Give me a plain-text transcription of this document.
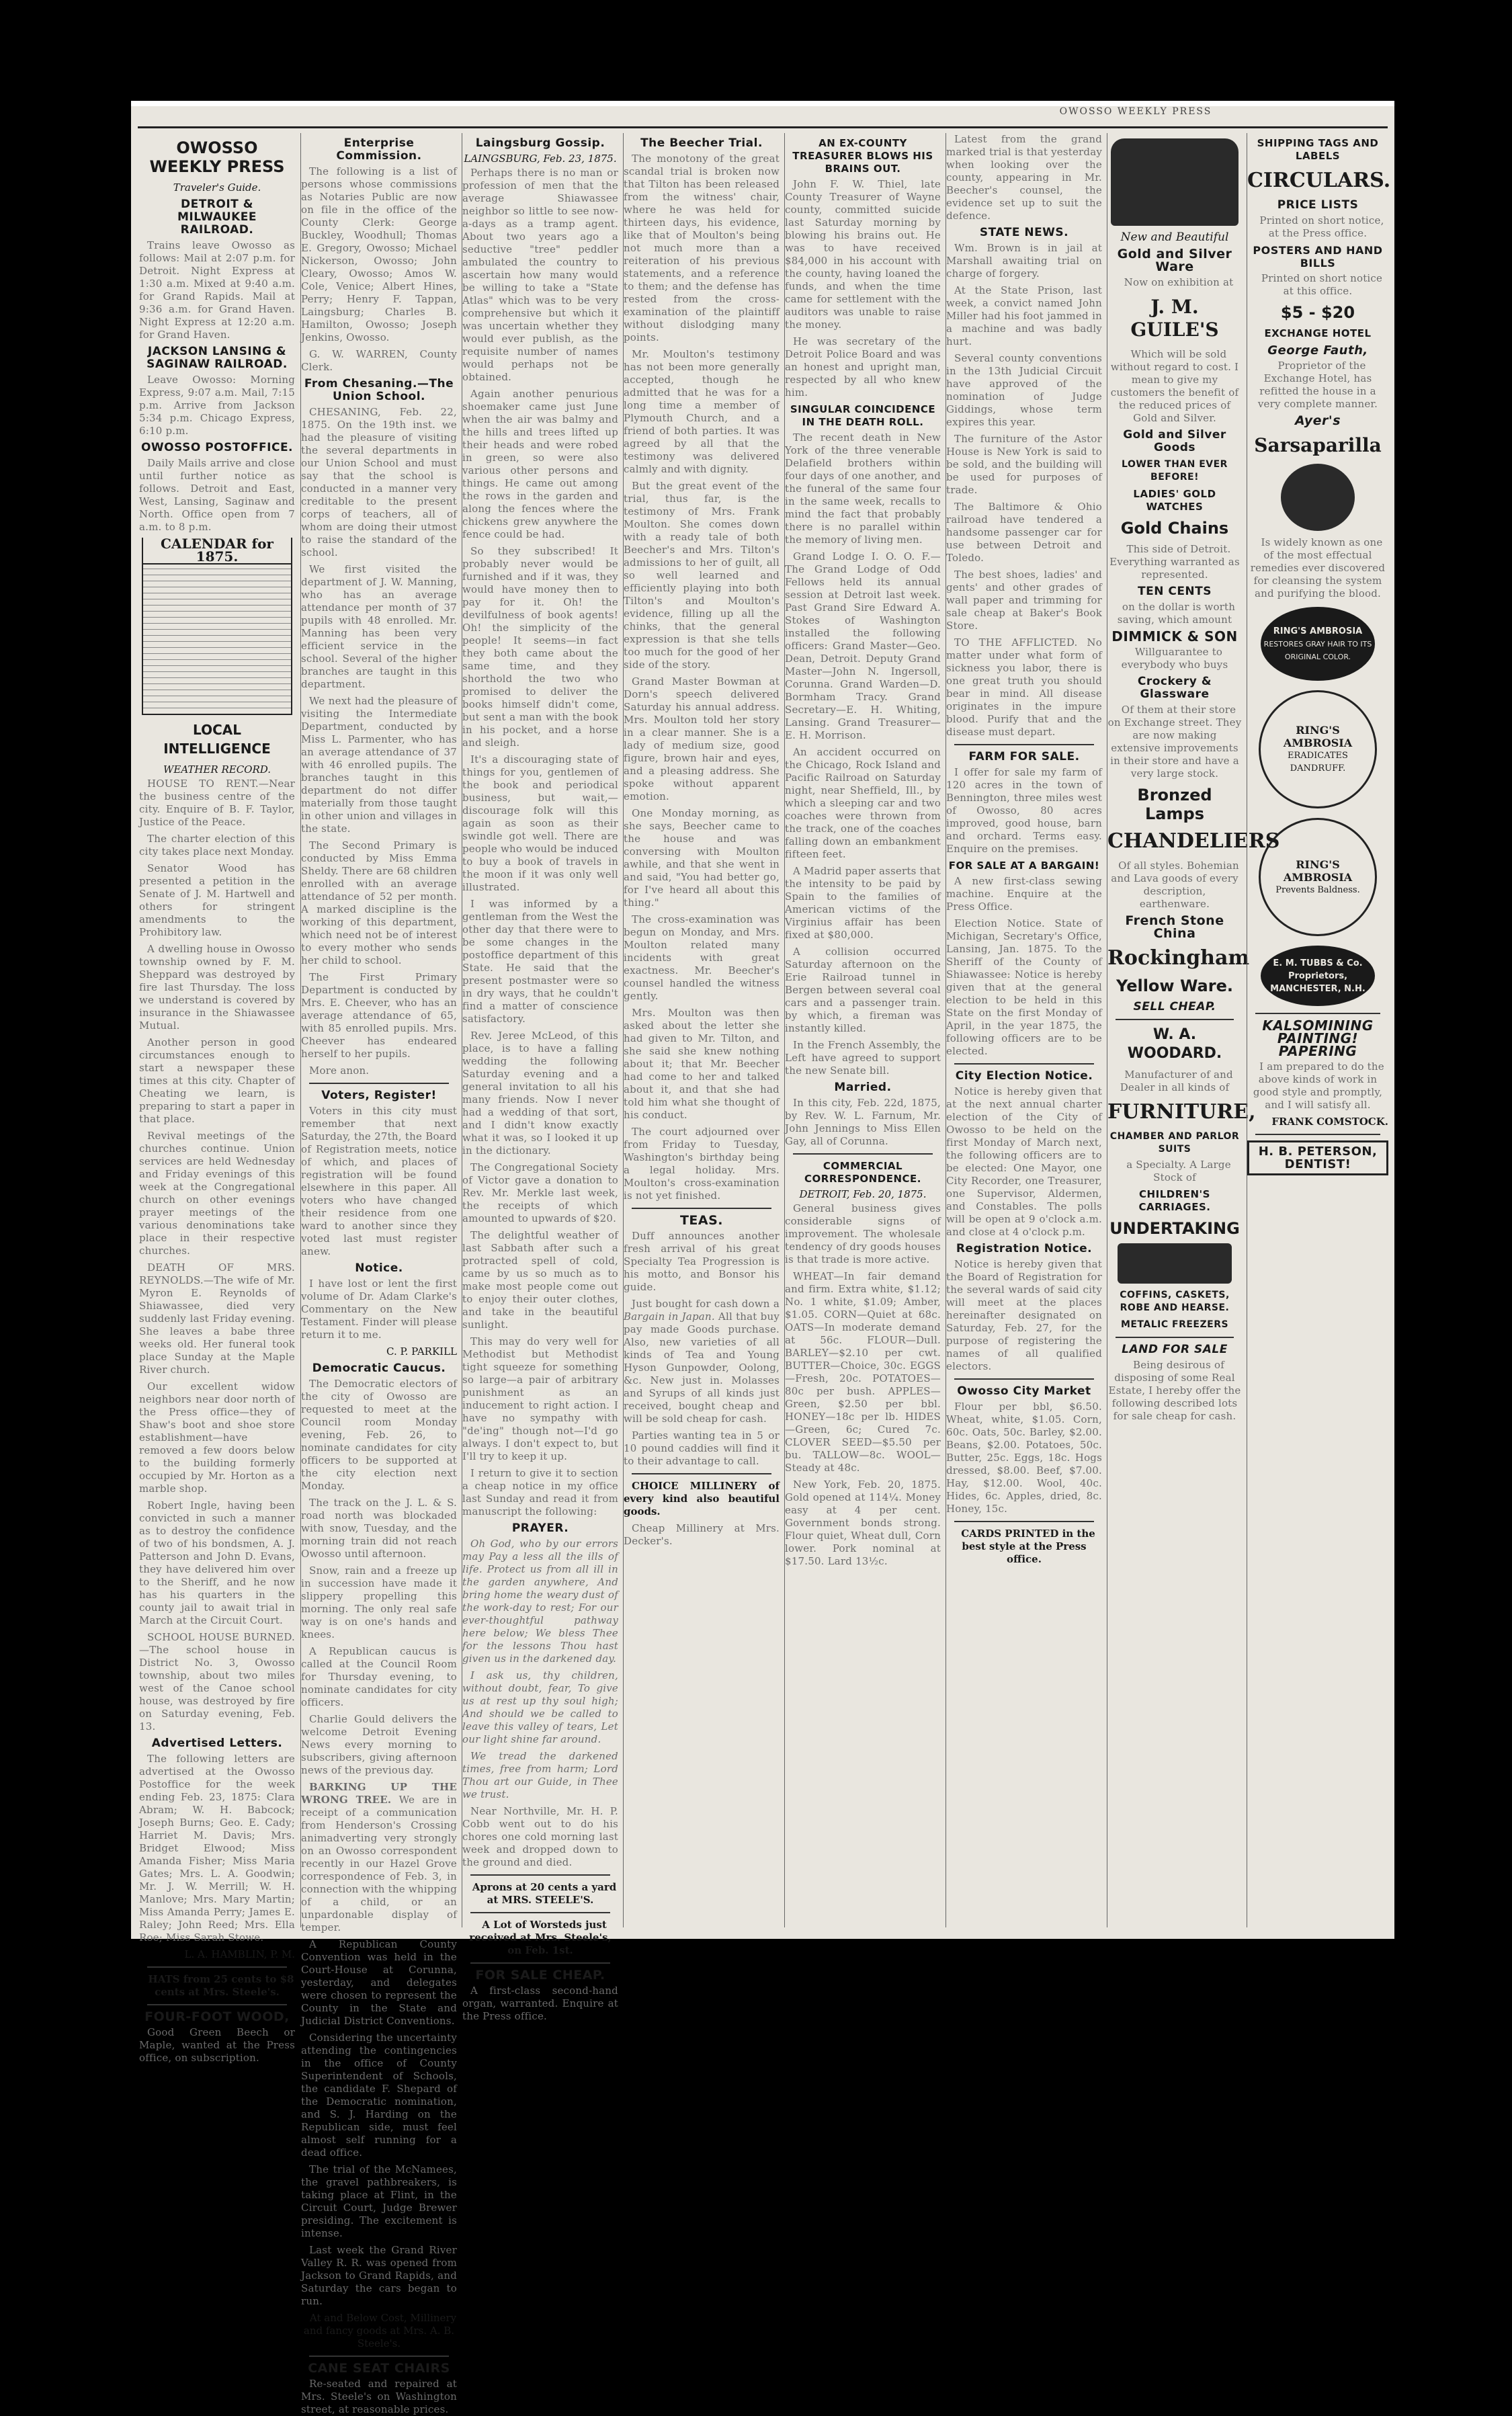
OWOSSO WEEKLY PRESS
OWOSSO WEEKLY PRESS
Traveler's Guide.
DETROIT & MILWAUKEE RAILROAD.
Trains leave Owosso as follows: Mail at 2:07 p.m. for Detroit. Night Express at 1:30 a.m. Mixed at 9:40 a.m. for Grand Rapids. Mail at 9:36 a.m. for Grand Haven. Night Express at 12:20 a.m. for Grand Haven.
JACKSON LANSING & SAGINAW RAILROAD.
Leave Owosso: Morning Express, 9:07 a.m. Mail, 7:15 p.m. Arrive from Jackson 5:34 p.m. Chicago Express, 6:10 p.m.
OWOSSO POSTOFFICE.
Daily Mails arrive and close until further notice as follows. Detroit and East, West, Lansing, Saginaw and North. Office open from 7 a.m. to 8 p.m.
CALENDAR for 1875.
LOCAL INTELLIGENCE
WEATHER RECORD.
HOUSE TO RENT.—Near the business centre of the city. Enquire of B. F. Taylor, Justice of the Peace.
The charter election of this city takes place next Monday.
Senator Wood has presented a petition in the Senate of J. M. Hartwell and others for stringent amendments to the Prohibitory law.
A dwelling house in Owosso township owned by F. M. Sheppard was destroyed by fire last Thursday. The loss we understand is covered by insurance in the Shiawassee Mutual.
Another person in good circumstances enough to start a newspaper these times at this city. Chapter of Cheating we learn, is preparing to start a paper in that place.
Revival meetings of the churches continue. Union services are held Wednesday and Friday evenings of this week at the Congregational church on other evenings prayer meetings of the various denominations take place in their respective churches.
DEATH OF MRS. REYNOLDS.—The wife of Mr. Myron E. Reynolds of Shiawassee, died very suddenly last Friday evening. She leaves a babe three weeks old. Her funeral took place Sunday at the Maple River church.
Our excellent widow neighbors near door north of the Press office—they of Shaw's boot and shoe store establishment—have removed a few doors below to the building formerly occupied by Mr. Horton as a marble shop.
Robert Ingle, having been convicted in such a manner as to destroy the confidence of two of his bondsmen, A. J. Patterson and John D. Evans, they have delivered him over to the Sheriff, and he now has his quarters in the county jail to await trial in March at the Circuit Court.
SCHOOL HOUSE BURNED.—The school house in District No. 3, Owosso township, about two miles west of the Canoe school house, was destroyed by fire on Saturday evening, Feb. 13.
Advertised Letters.
The following letters are advertised at the Owosso Postoffice for the week ending Feb. 23, 1875: Clara Abram; W. H. Babcock; Joseph Burns; Geo. E. Cady; Harriet M. Davis; Mrs. Bridget Elwood; Miss Amanda Fisher; Miss Maria Gates; Mrs. L. A. Goodwin; Mr. J. W. Merrill; W. H. Manlove; Mrs. Mary Martin; Miss Amanda Perry; James E. Raley; John Reed; Mrs. Ella Roe; Miss Sarah Stowe.
L. A. HAMBLIN, P. M.
HATS from 25 cents to $8 cents at Mrs. Steele's.
FOUR-FOOT WOOD,
Good Green Beech or Maple, wanted at the Press office, on subscription.
Enterprise Commission.
The following is a list of persons whose commissions as Notaries Public are now on file in the office of the County Clerk: George Buckley, Woodhull; Thomas E. Gregory, Owosso; Michael Nickerson, Owosso; John Cleary, Owosso; Amos W. Cole, Venice; Albert Hines, Perry; Henry F. Tappan, Laingsburg; Charles B. Hamilton, Owosso; Joseph Jenkins, Owosso.
G. W. WARREN, County Clerk.
From Chesaning.—The Union School.
CHESANING, Feb. 22, 1875. On the 19th inst. we had the pleasure of visiting the several departments in our Union School and must say that the school is conducted in a manner very creditable to the present corps of teachers, all of whom are doing their utmost to raise the standard of the school.
We first visited the department of J. W. Manning, who has an average attendance per month of 37 pupils with 48 enrolled. Mr. Manning has been very efficient service in the school. Several of the higher branches are taught in this department.
We next had the pleasure of visiting the Intermediate Department, conducted by Miss L. Parmenter, who has an average attendance of 37 with 46 enrolled pupils. The branches taught in this department do not differ materially from those taught in other union and villages in the state.
The Second Primary is conducted by Miss Emma Sheldy. There are 68 children enrolled with an average attendance of 52 per month. A marked discipline is the working of this department, which need not be of interest to every mother who sends her child to school.
The First Primary Department is conducted by Mrs. E. Cheever, who has an average attendance of 65, with 85 enrolled pupils. Mrs. Cheever has endeared herself to her pupils.
More anon.
Voters, Register!
Voters in this city must remember that next Saturday, the 27th, the Board of Registration meets, notice of which, and places of registration will be found elsewhere in this paper. All voters who have changed their residence from one ward to another since they voted last must register anew.
Notice.
I have lost or lent the first volume of Dr. Adam Clarke's Commentary on the New Testament. Finder will please return it to me.
C. P. PARKILL
Democratic Caucus.
The Democratic electors of the city of Owosso are requested to meet at the Council room Monday evening, Feb. 26, to nominate candidates for city officers to be supported at the city election next Monday.
The track on the J. L. & S. road north was blockaded with snow, Tuesday, and the morning train did not reach Owosso until afternoon.
Snow, rain and a freeze up in succession have made it slippery propelling this morning. The only real safe way is on one's hands and knees.
A Republican caucus is called at the Council Room for Thursday evening, to nominate candidates for city officers.
Charlie Gould delivers the welcome Detroit Evening News every morning to subscribers, giving afternoon news of the previous day.
BARKING UP THE WRONG TREE. We are in receipt of a communication from Henderson's Crossing animadverting very strongly on an Owosso correspondent recently in our Hazel Grove correspondence of Feb. 3, in connection with the whipping of a child, or an unpardonable display of temper.
A Republican County Convention was held in the Court-House at Corunna, yesterday, and delegates were chosen to represent the County in the State and Judicial District Conventions.
Considering the uncertainty attending the contingencies in the office of County Superintendent of Schools, the candidate F. Shepard of the Democratic nomination, and S. J. Harding on the Republican side, must feel almost self running for a dead office.
The trial of the McNamees, the gravel pathbreakers, is taking place at Flint, in the Circuit Court, Judge Brewer presiding. The excitement is intense.
Last week the Grand River Valley R. R. was opened from Jackson to Grand Rapids, and Saturday the cars began to run.
At and Below Cost, Millinery and fancy goods at Mrs. A. B. Steele's.
CANE SEAT CHAIRS
Re-seated and repaired at Mrs. Steele's on Washington street, at reasonable prices.
Laingsburg Gossip.
LAINGSBURG, Feb. 23, 1875.
Perhaps there is no man or profession of men that the average Shiawassee neighbor so little to see now-a-days as a tramp agent. About two years ago a seductive "tree" peddler ambulated the country to ascertain how many would be willing to take a "State Atlas" which was to be very comprehensive but which it was uncertain whether they would ever publish, as the requisite number of names would perhaps not be obtained.
Again another penurious shoemaker came just June when the air was balmy and the hills and trees lifted up their heads and were robed in green, so were also various other persons and things. He came out among the rows in the garden and along the fences where the chickens grew anywhere the fence could be had.
So they subscribed! It probably never would be furnished and if it was, they would have money then to pay for it. Oh! the devilfulness of book agents! Oh! the simplicity of the people! It seems—in fact they both came about the same time, and they shorthold the two who promised to deliver the books himself didn't come, but sent a man with the book in his pocket, and a horse and sleigh.
It's a discouraging state of things for you, gentlemen of the book and periodical business, but wait,—discourage folk will this again as soon as their swindle got well. There are people who would be induced to buy a book of travels in the moon if it was only well illustrated.
I was informed by a gentleman from the West the other day that there were to be some changes in the postoffice department of this State. He said that the present postmaster were so in dry ways, that he couldn't find a matter of conscience satisfactory.
Rev. Jeree McLeod, of this place, is to have a falling wedding the following Saturday evening and a general invitation to all his many friends. Now I never had a wedding of that sort, and I didn't know exactly what it was, so I looked it up in the dictionary.
The Congregational Society of Victor gave a donation to Rev. Mr. Merkle last week, the receipts of which amounted to upwards of $20.
The delightful weather of last Sabbath after such a protracted spell of cold, came by us so much as to make most people come out to enjoy their outer clothes, and take in the beautiful sunlight.
This may do very well for Methodist but Methodist tight squeeze for something so large—a pair of arbitrary punishment as an inducement to right action. I have no sympathy with "de'ing" though not—I'd go always. I don't expect to, but I'll try to keep it up.
I return to give it to section a cheap notice in my office last Sunday and read it from manuscript the following:
PRAYER.
Oh God, who by our errors may Pay a less all the ills of life. Protect us from all ill in the garden anywhere, And bring home the weary dust of the work-day to rest; For our ever-thoughtful pathway here below; We bless Thee for the lessons Thou hast given us in the darkened day.
I ask us, thy children, without doubt, fear, To give us at rest up thy soul high; And should we be called to leave this valley of tears, Let our light shine far around.
We tread the darkened times, free from harm; Lord Thou art our Guide, in Thee we trust.
Near Northville, Mr. H. P. Cobb went out to do his chores one cold morning last week and dropped down to the ground and died.
Aprons at 20 cents a yard at MRS. STEELE'S.
A Lot of Worsteds just received at Mrs. Steele's, on Feb. 1st.
FOR SALE CHEAP.
A first-class second-hand organ, warranted. Enquire at the Press office.
The Beecher Trial.
The monotony of the great scandal trial is broken now that Tilton has been released from the witness' chair, where he was held for thirteen days, his evidence, like that of Moulton's being not much more than a reiteration of his previous statements, and a reference to them; and the defense has rested from the cross-examination of the plaintiff without dislodging many points.
Mr. Moulton's testimony has not been more generally accepted, though he admitted that he was for a long time a member of Plymouth Church, and a friend of both parties. It was agreed by all that the testimony was delivered calmly and with dignity.
But the great event of the trial, thus far, is the testimony of Mrs. Frank Moulton. She comes down with a ready tale of both Beecher's and Mrs. Tilton's admissions to her of guilt, all so well learned and efficiently playing into both Tilton's and Moulton's evidence, filling up all the chinks, that the general expression is that she tells too much for the good of her side of the story.
Grand Master Bowman at Dorn's speech delivered Saturday his annual address. Mrs. Moulton told her story in a clear manner. She is a lady of medium size, good figure, brown hair and eyes, and a pleasing address. She spoke without apparent emotion.
One Monday morning, as she says, Beecher came to the house and was conversing with Moulton awhile, and that she went in and said, "You had better go, for I've heard all about this thing."
The cross-examination was begun on Monday, and Mrs. Moulton related many incidents with great exactness. Mr. Beecher's counsel handled the witness gently.
Mrs. Moulton was then asked about the letter she had given to Mr. Tilton, and she said she knew nothing about it; that Mr. Beecher had come to her and talked about it, and that she had told him what she thought of his conduct.
The court adjourned over from Friday to Tuesday, Washington's birthday being a legal holiday. Mrs. Moulton's cross-examination is not yet finished.
TEAS.
Duff announces another fresh arrival of his great Specialty Tea Progression is his motto, and Bonsor his guide.
Just bought for cash down a Bargain in Japan. All that buy pay made Goods purchase. Also, new varieties of all kinds of Tea and Young Hyson Gunpowder, Oolong, &c. New just in. Molasses and Syrups of all kinds just received, bought cheap and will be sold cheap for cash.
Parties wanting tea in 5 or 10 pound caddies will find it to their advantage to call.
CHOICE MILLINERY of every kind also beautiful goods.
Cheap Millinery at Mrs. Decker's.
AN EX-COUNTY TREASURER BLOWS HIS BRAINS OUT.
John F. W. Thiel, late County Treasurer of Wayne county, committed suicide last Saturday morning by blowing his brains out. He was to have received $84,000 in his account with the county, having loaned the funds, and when the time came for settlement with the auditors was unable to raise the money.
He was secretary of the Detroit Police Board and was an honest and upright man, respected by all who knew him.
SINGULAR COINCIDENCE IN THE DEATH ROLL.
The recent death in New York of the three venerable Delafield brothers within four days of one another, and the funeral of the same four in the same week, recalls to mind the fact that probably there is no parallel within the memory of living men.
Grand Lodge I. O. O. F.—The Grand Lodge of Odd Fellows held its annual session at Detroit last week. Past Grand Sire Edward A. Stokes of Washington installed the following officers: Grand Master—Geo. Dean, Detroit. Deputy Grand Master—John N. Ingersoll, Corunna. Grand Warden—D. Bormham Tracy. Grand Secretary—E. H. Whiting, Lansing. Grand Treasurer—E. H. Morrison.
An accident occurred on the Chicago, Rock Island and Pacific Railroad on Saturday night, near Sheffield, Ill., by which a sleeping car and two coaches were thrown from the track, one of the coaches falling down an embankment fifteen feet.
A Madrid paper asserts that the intensity to be paid by Spain to the families of American victims of the Virginius affair has been fixed at $80,000.
A collision occurred Saturday afternoon on the Erie Railroad tunnel in Bergen between several coal cars and a passenger train. by which, a fireman was instantly killed.
In the French Assembly, the Left have agreed to support the new Senate bill.
Married.
In this city, Feb. 22d, 1875, by Rev. W. L. Farnum, Mr. John Jennings to Miss Ellen Gay, all of Corunna.
COMMERCIAL CORRESPONDENCE.
DETROIT, Feb. 20, 1875.
General business gives considerable signs of improvement. The wholesale tendency of dry goods houses is that trade is more active.
WHEAT—In fair demand and firm. Extra white, $1.12; No. 1 white, $1.09; Amber, $1.05. CORN—Quiet at 68c. OATS—In moderate demand at 56c. FLOUR—Dull. BARLEY—$2.10 per cwt. BUTTER—Choice, 30c. EGGS—Fresh, 20c. POTATOES—80c per bush. APPLES—Green, $2.50 per bbl. HONEY—18c per lb. HIDES—Green, 6c; Cured 7c. CLOVER SEED—$5.50 per bu. TALLOW—8c. WOOL—Steady at 48c.
New York, Feb. 20, 1875. Gold opened at 114¼. Money easy at 4 per cent. Government bonds strong. Flour quiet, Wheat dull, Corn lower. Pork nominal at $17.50. Lard 13½c.
Latest from the grand marked trial is that yesterday when looking over the county, appearing in Mr. Beecher's counsel, the evidence set up to suit the defence.
STATE NEWS.
Wm. Brown is in jail at Marshall awaiting trial on charge of forgery.
At the State Prison, last week, a convict named John Miller had his foot jammed in a machine and was badly hurt.
Several county conventions in the 13th Judicial Circuit have approved of the nomination of Judge Giddings, whose term expires this year.
The furniture of the Astor House is New York is said to be sold, and the building will be used for purposes of trade.
The Baltimore & Ohio railroad have tendered a handsome passenger car for use between Detroit and Toledo.
The best shoes, ladies' and gents' and other grades of wall paper and trimming for sale cheap at Baker's Book Store.
TO THE AFFLICTED. No matter under what form of sickness you labor, there is one great truth you should bear in mind. All disease originates in the impure blood. Purify that and the disease must depart.
FARM FOR SALE.
I offer for sale my farm of 120 acres in the town of Bennington, three miles west of Owosso, 80 acres improved, good house, barn and orchard. Terms easy. Enquire on the premises.
FOR SALE AT A BARGAIN!
A new first-class sewing machine. Enquire at the Press Office.
Election Notice. State of Michigan, Secretary's Office, Lansing, Jan. 1875. To the Sheriff of the County of Shiawassee: Notice is hereby given that at the general election to be held in this State on the first Monday of April, in the year 1875, the following officers are to be elected.
City Election Notice.
Notice is hereby given that at the next annual charter election of the City of Owosso to be held on the first Monday of March next, the following officers are to be elected: One Mayor, one City Recorder, one Treasurer, one Supervisor, Aldermen, and Constables. The polls will be open at 9 o'clock a.m. and close at 4 o'clock p.m.
Registration Notice.
Notice is hereby given that the Board of Registration for the several wards of said city will meet at the places hereinafter designated on Saturday, Feb. 27, for the purpose of registering the names of all qualified electors.
Owosso City Market
Flour per bbl, $6.50. Wheat, white, $1.05. Corn, 60c. Oats, 50c. Barley, $2.00. Beans, $2.00. Potatoes, 50c. Butter, 25c. Eggs, 18c. Hogs dressed, $8.00. Beef, $7.00. Hay, $12.00. Wool, 40c. Hides, 6c. Apples, dried, 8c. Honey, 15c.
CARDS PRINTED in the best style at the Press office.
New and Beautiful
Gold and Silver Ware
Now on exhibition at
J. M. GUILE'S
Which will be sold without regard to cost. I mean to give my customers the benefit of the reduced prices of Gold and Silver.
Gold and Silver Goods
LOWER THAN EVER BEFORE!
LADIES' GOLD WATCHES
Gold Chains
This side of Detroit. Everything warranted as represented.
TEN CENTS
on the dollar is worth saving, which amount
DIMMICK & SON
Willguarantee to everybody who buys
Crockery & Glassware
Of them at their store on Exchange street. They are now making extensive improvements in their store and have a very large stock.
Bronzed Lamps
CHANDELIERS
Of all styles. Bohemian and Lava goods of every description, earthenware.
French Stone China
Rockingham
Yellow Ware.
SELL CHEAP.
W. A. WOODARD.
Manufacturer of and Dealer in all kinds of
FURNITURE,
CHAMBER AND PARLOR SUITS
a Specialty. A Large Stock of
CHILDREN'S CARRIAGES.
UNDERTAKING
COFFINS, CASKETS, ROBE AND HEARSE.
METALIC FREEZERS
LAND FOR SALE
Being desirous of disposing of some Real Estate, I hereby offer the following described lots for sale cheap for cash.
SHIPPING TAGS AND LABELS
CIRCULARS.
PRICE LISTS
Printed on short notice, at the Press office.
POSTERS AND HAND BILLS
Printed on short notice at this office.
$5 - $20
EXCHANGE HOTEL
George Fauth,
Proprietor of the Exchange Hotel, has refitted the house in a very complete manner.
Ayer's
Sarsaparilla
Is widely known as one of the most effectual remedies ever discovered for cleansing the system and purifying the blood.
RING'S AMBROSIA
RESTORES GRAY HAIR TO ITS ORIGINAL COLOR.
RING'S AMBROSIA
ERADICATES DANDRUFF.
RING'S AMBROSIA
Prevents Baldness.
E. M. TUBBS & Co. Proprietors, MANCHESTER, N.H.
KALSOMINING PAINTING! PAPERING
I am prepared to do the above kinds of work in good style and promptly, and I will satisfy all.
FRANK COMSTOCK.
H. B. PETERSON, DENTIST!
